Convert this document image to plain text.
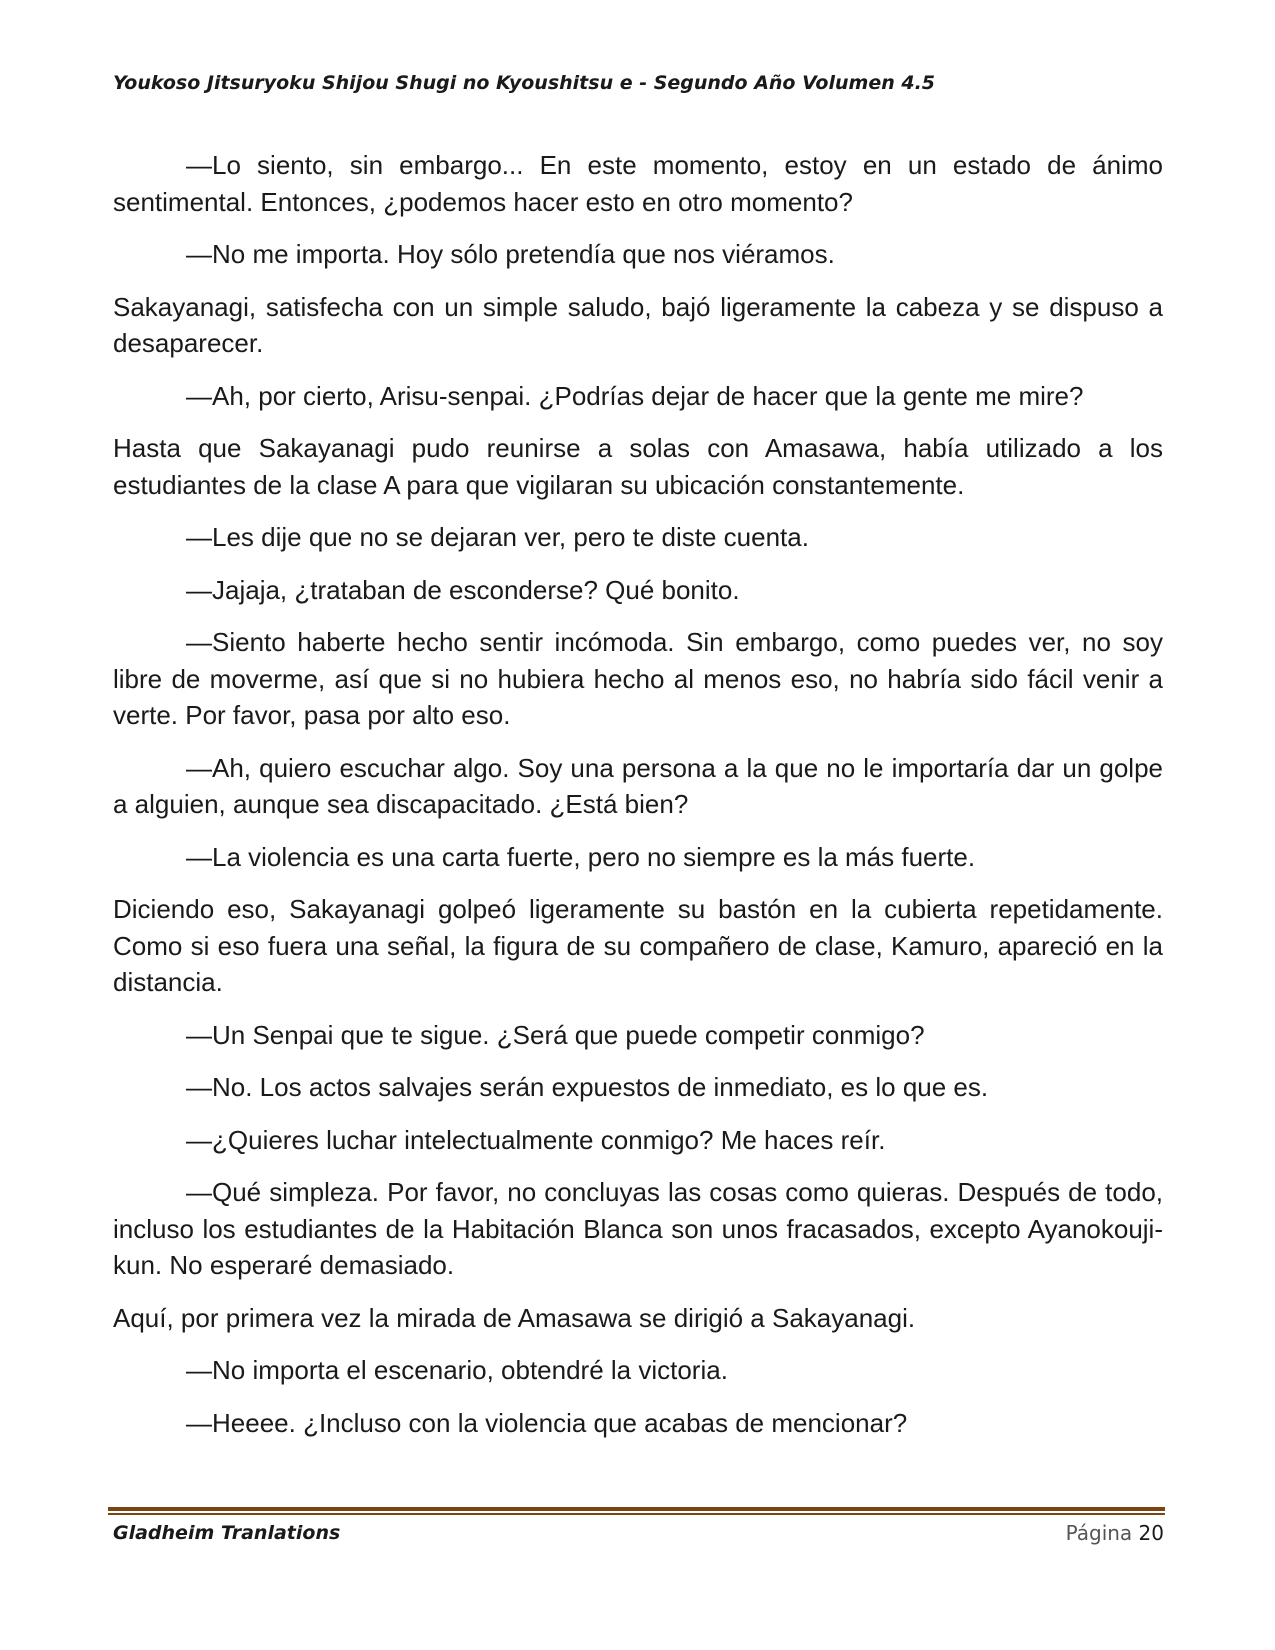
Youkoso Jitsuryoku Shijou Shugi no Kyoushitsu e - Segundo Año Volumen 4.5

—Lo siento, sin embargo... En este momento, estoy en un estado de ánimo sentimental. Entonces, ¿podemos hacer esto en otro momento?

—No me importa. Hoy sólo pretendía que nos viéramos.

Sakayanagi, satisfecha con un simple saludo, bajó ligeramente la cabeza y se dispuso a desaparecer.

—Ah, por cierto, Arisu-senpai. ¿Podrías dejar de hacer que la gente me mire?

Hasta que Sakayanagi pudo reunirse a solas con Amasawa, había utilizado a los estudiantes de la clase A para que vigilaran su ubicación constantemente.

—Les dije que no se dejaran ver, pero te diste cuenta.

—Jajaja, ¿trataban de esconderse? Qué bonito.

—Siento haberte hecho sentir incómoda. Sin embargo, como puedes ver, no soy libre de moverme, así que si no hubiera hecho al menos eso, no habría sido fácil venir a verte. Por favor, pasa por alto eso.

—Ah, quiero escuchar algo. Soy una persona a la que no le importaría dar un golpe a alguien, aunque sea discapacitado. ¿Está bien?

—La violencia es una carta fuerte, pero no siempre es la más fuerte.

Diciendo eso, Sakayanagi golpeó ligeramente su bastón en la cubierta repetidamente. Como si eso fuera una señal, la figura de su compañero de clase, Kamuro, apareció en la distancia.

—Un Senpai que te sigue. ¿Será que puede competir conmigo?

—No. Los actos salvajes serán expuestos de inmediato, es lo que es.

—¿Quieres luchar intelectualmente conmigo? Me haces reír.

—Qué simpleza. Por favor, no concluyas las cosas como quieras. Después de todo, incluso los estudiantes de la Habitación Blanca son unos fracasados, excepto Ayanokouji-kun. No esperaré demasiado.

Aquí, por primera vez la mirada de Amasawa se dirigió a Sakayanagi.

—No importa el escenario, obtendré la victoria.

—Heeee. ¿Incluso con la violencia que acabas de mencionar?

Gladheim Tranlations	Página 20
